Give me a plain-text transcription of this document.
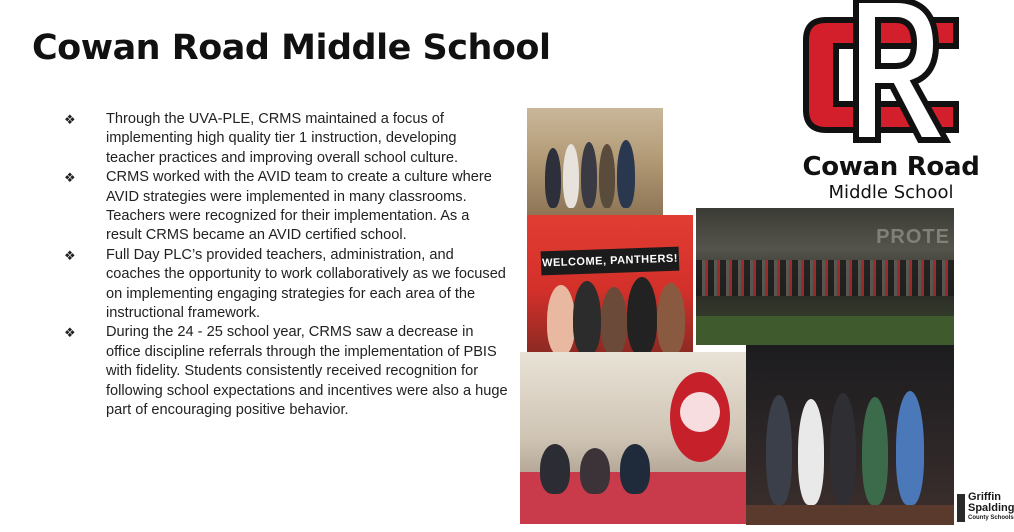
Cowan Road Middle School
❖ Through the UVA-PLE, CRMS maintained a focus of implementing high quality tier 1 instruction, developing teacher practices and improving overall school culture.
❖ CRMS worked with the AVID team to create a culture where AVID strategies were implemented in many classrooms. Teachers were recognized for their implementation. As a result CRMS became an AVID certified school.
❖ Full Day PLC’s provided teachers, administration, and coaches the opportunity to work collaboratively as we focused on implementing engaging strategies for each area of the instructional framework.
❖ During the 24 - 25 school year, CRMS saw a decrease in office discipline referrals through the implementation of PBIS with fidelity. Students consistently received recognition for following school expectations and incentives were also a huge part of encouraging positive behavior.
WELCOME, PANTHERS!
PROTE
Cowan Road
Middle School
Griffin
Spalding
County Schools
